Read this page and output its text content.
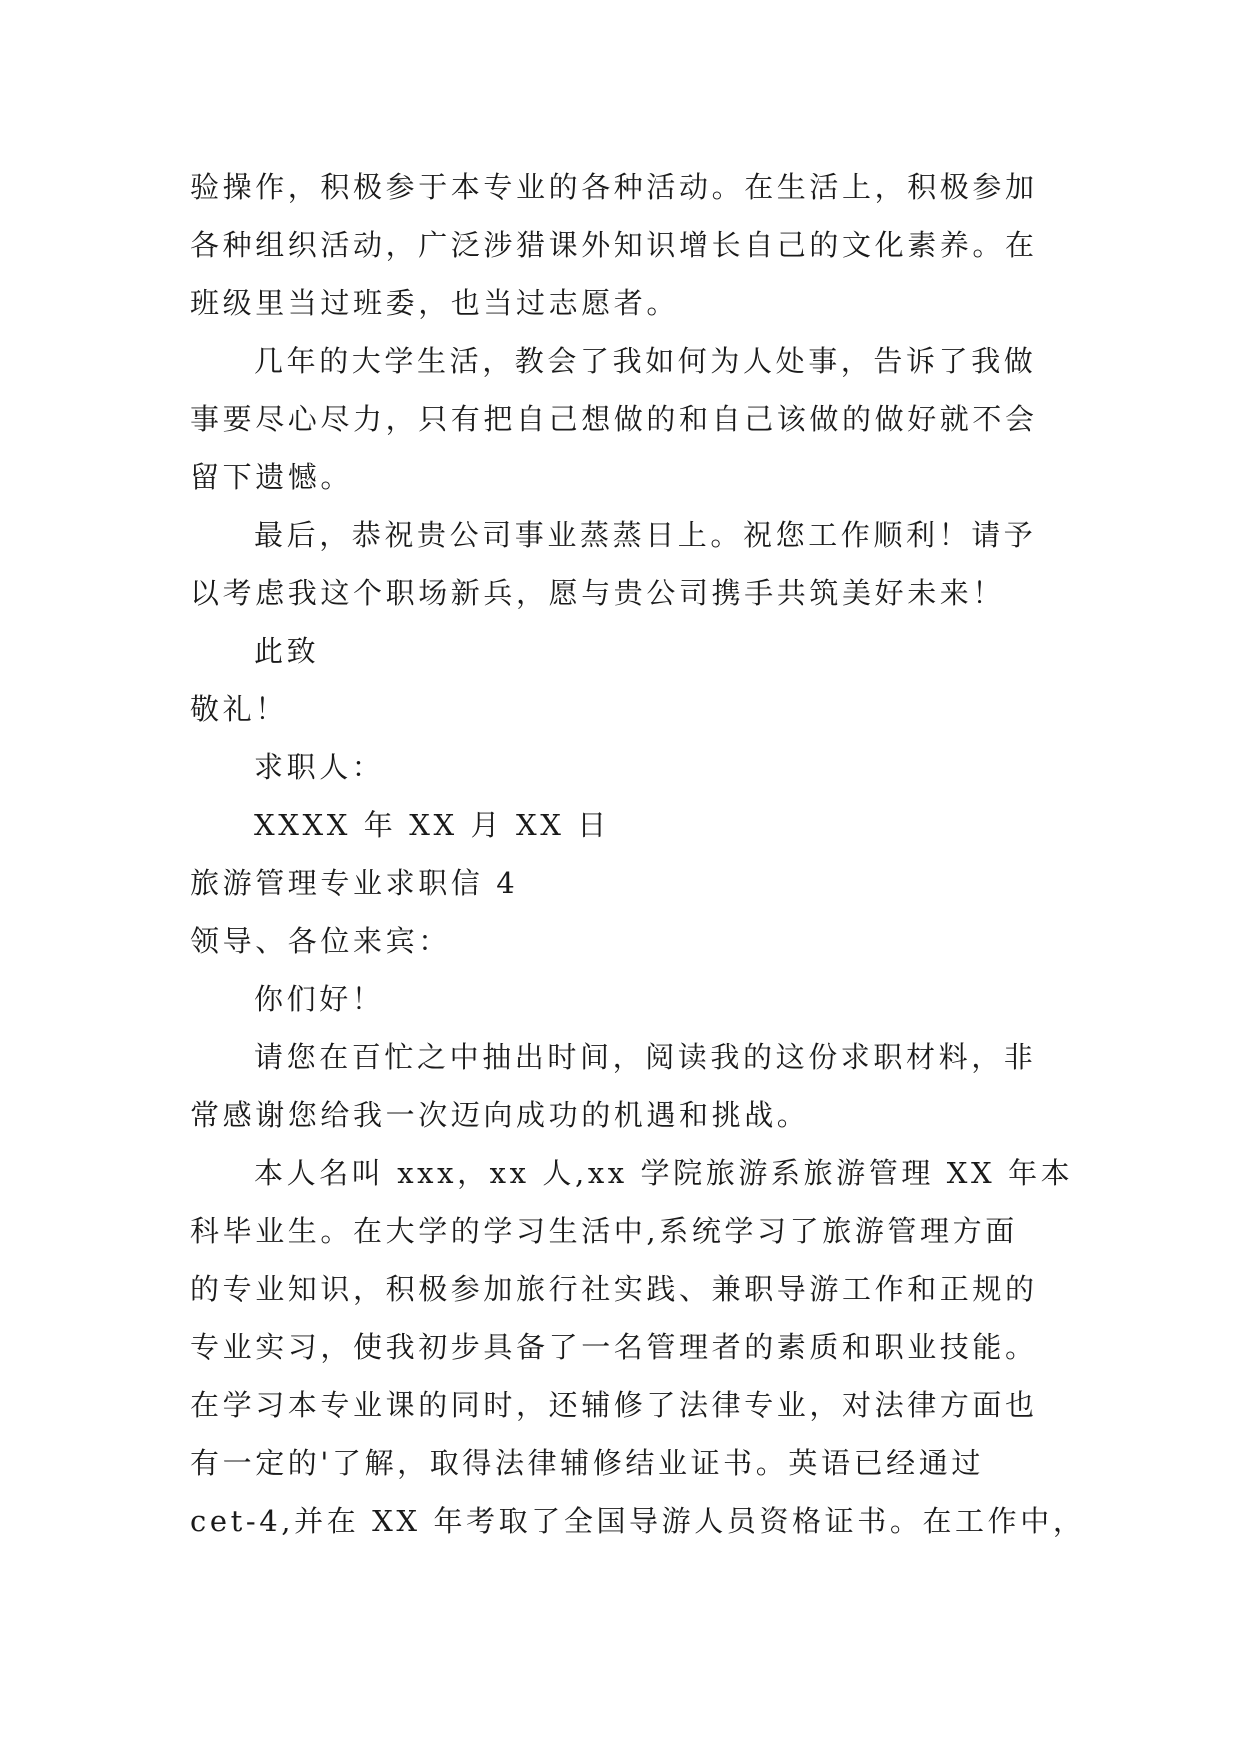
验操作，积极参于本专业的各种活动。在生活上，积极参加
各种组织活动，广泛涉猎课外知识增长自己的文化素养。在
班级里当过班委，也当过志愿者。
几年的大学生活，教会了我如何为人处事，告诉了我做
事要尽心尽力，只有把自己想做的和自己该做的做好就不会
留下遗憾。
最后，恭祝贵公司事业蒸蒸日上。祝您工作顺利！请予
以考虑我这个职场新兵，愿与贵公司携手共筑美好未来！
此致
敬礼！
求职人：
XXXX 年 XX 月 XX 日
旅游管理专业求职信 4
领导、各位来宾：
你们好！
请您在百忙之中抽出时间，阅读我的这份求职材料，非
常感谢您给我一次迈向成功的机遇和挑战。
本人名叫 xxx，xx 人,xx 学院旅游系旅游管理 XX 年本
科毕业生。在大学的学习生活中,系统学习了旅游管理方面
的专业知识，积极参加旅行社实践、兼职导游工作和正规的
专业实习，使我初步具备了一名管理者的素质和职业技能。
在学习本专业课的同时，还辅修了法律专业，对法律方面也
有一定的'了解，取得法律辅修结业证书。英语已经通过
cet-4,并在 XX 年考取了全国导游人员资格证书。在工作中，
